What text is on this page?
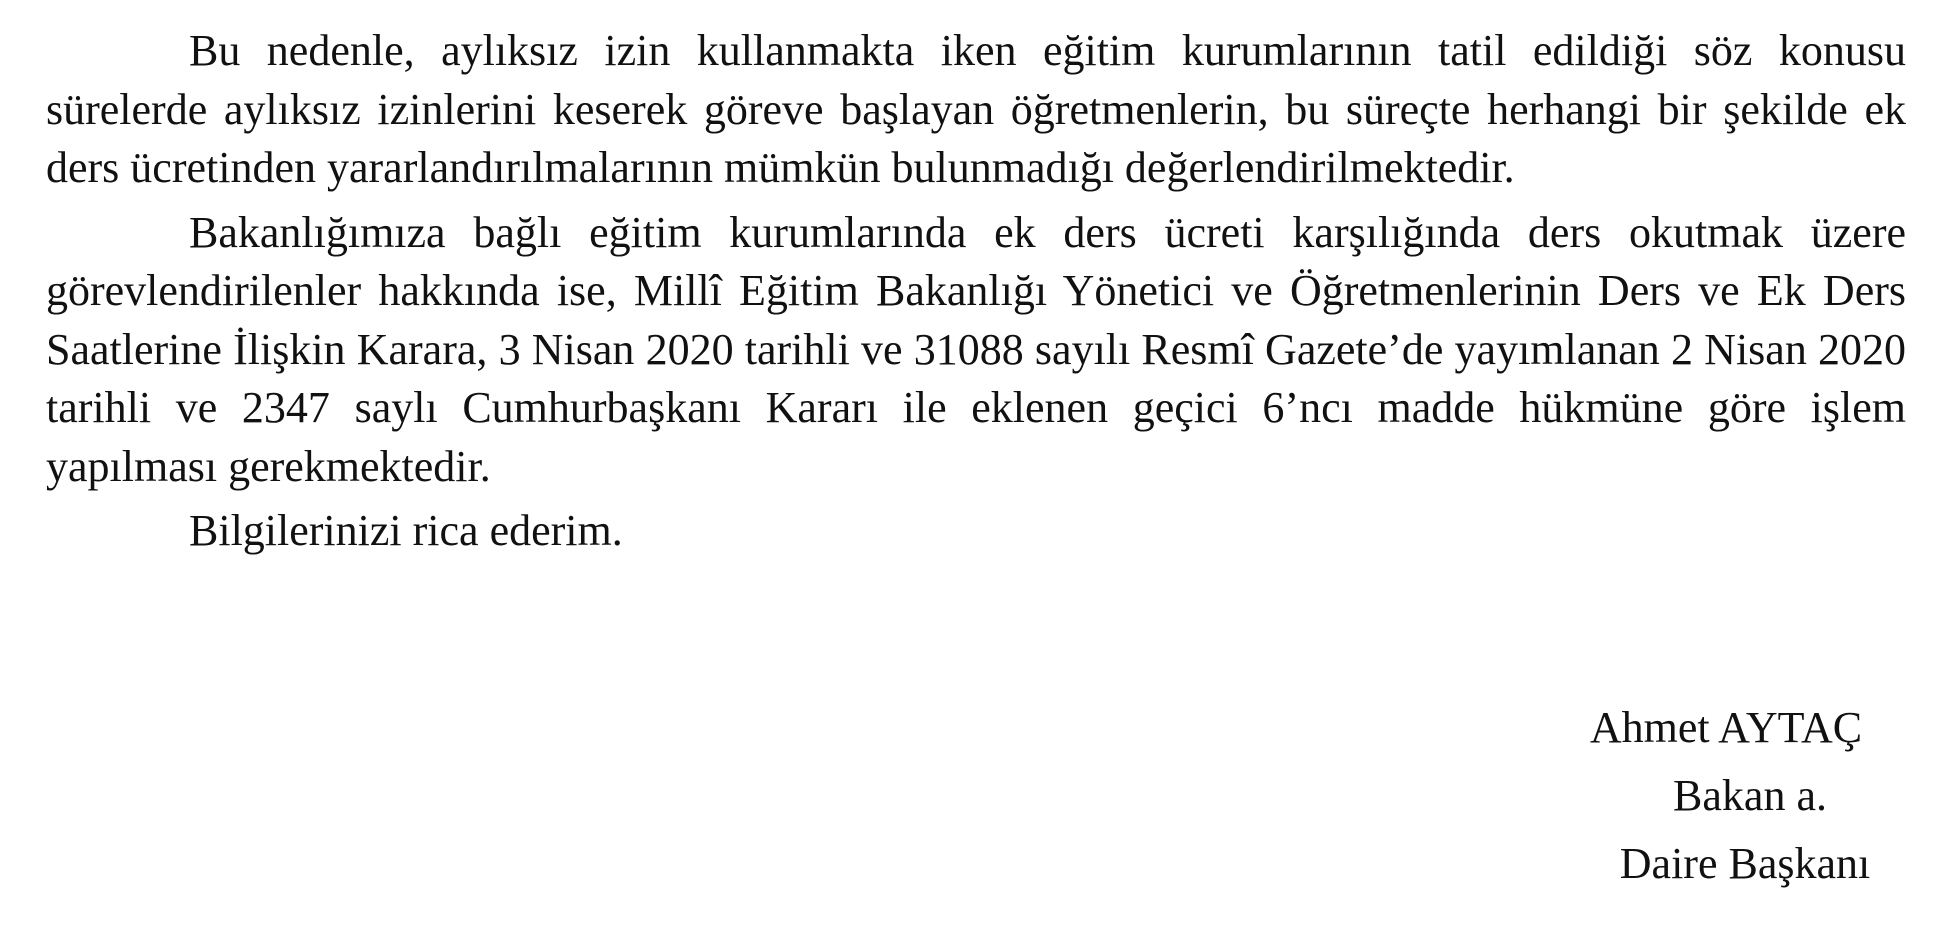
Bu nedenle, aylıksız izin kullanmakta iken eğitim kurumlarının tatil edildiği söz konusu sürelerde aylıksız izinlerini keserek göreve başlayan öğretmenlerin, bu süreçte herhangi bir şekilde ek ders ücretinden yararlandırılmalarının mümkün bulunmadığı değerlendirilmektedir.

Bakanlığımıza bağlı eğitim kurumlarında ek ders ücreti karşılığında ders okutmak üzere görevlendirilenler hakkında ise, Millî Eğitim Bakanlığı Yönetici ve Öğretmenlerinin Ders ve Ek Ders Saatlerine İlişkin Karara, 3 Nisan 2020 tarihli ve 31088 sayılı Resmî Gazete’de yayımlanan 2 Nisan 2020 tarihli ve 2347 saylı Cumhurbaşkanı Kararı ile eklenen geçici 6’ncı madde hükmüne göre işlem yapılması gerekmektedir.

Bilgilerinizi rica ederim.

Ahmet AYTAÇ
Bakan a.
Daire Başkanı
